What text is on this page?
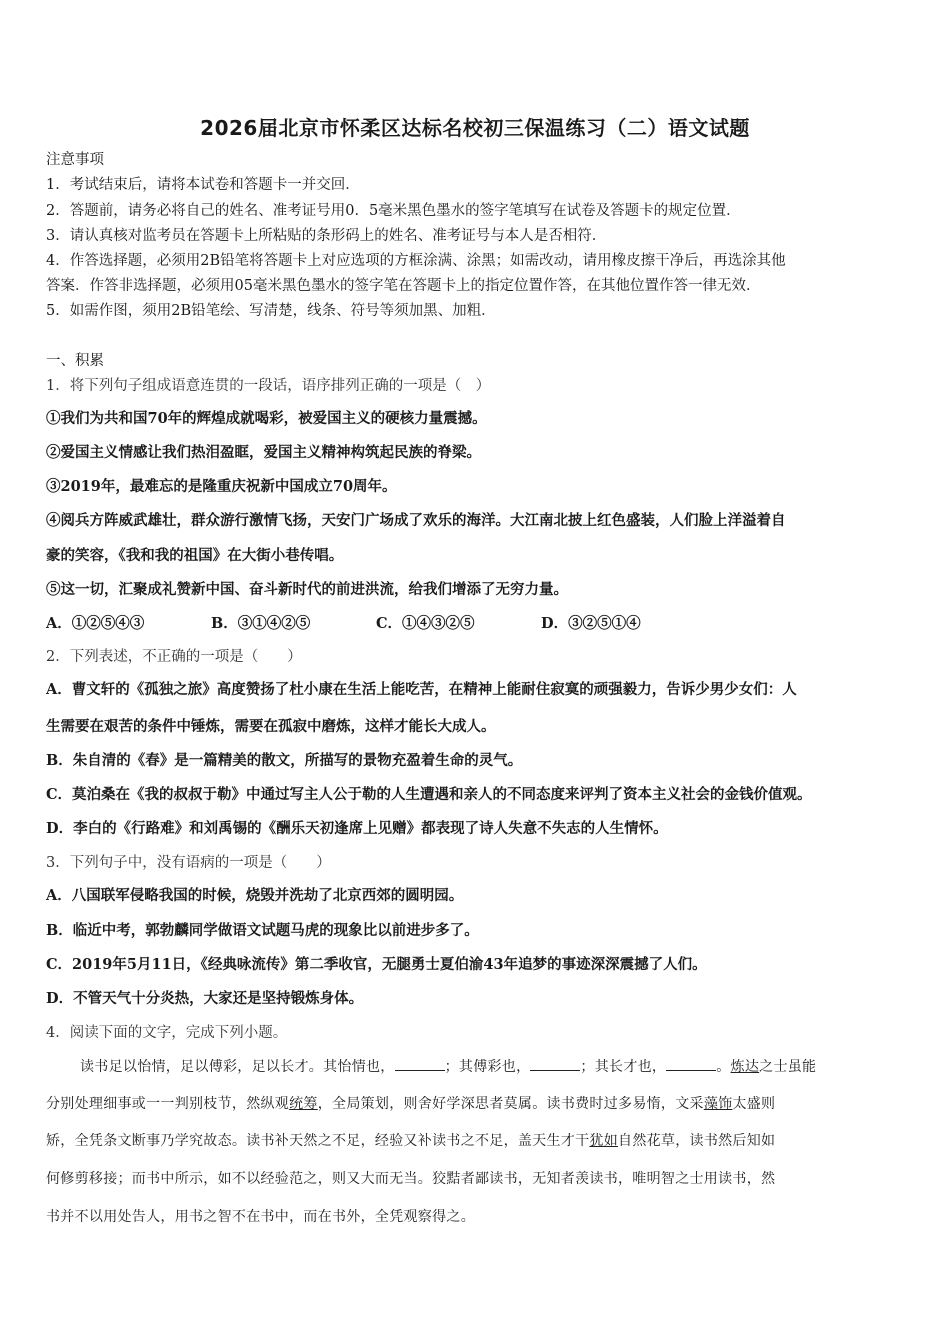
2026届北京市怀柔区达标名校初三保温练习（二）语文试题
注意事项
1．考试结束后，请将本试卷和答题卡一并交回．
2．答题前，请务必将自己的姓名、准考证号用0．5毫米黑色墨水的签字笔填写在试卷及答题卡的规定位置．
3．请认真核对监考员在答题卡上所粘贴的条形码上的姓名、准考证号与本人是否相符．
4．作答选择题，必须用2B铅笔将答题卡上对应选项的方框涂满、涂黑；如需改动，请用橡皮擦干净后，再选涂其他
答案．作答非选择题，必须用05毫米黑色墨水的签字笔在答题卡上的指定位置作答，在其他位置作答一律无效．
5．如需作图，须用2B铅笔绘、写清楚，线条、符号等须加黑、加粗．
一、积累
1．将下列句子组成语意连贯的一段话，语序排列正确的一项是（　）
①我们为共和国70年的辉煌成就喝彩，被爱国主义的硬核力量震撼。
②爱国主义情感让我们热泪盈眶，爱国主义精神构筑起民族的脊梁。
③2019年，最难忘的是隆重庆祝新中国成立70周年。
④阅兵方阵威武雄壮，群众游行激情飞扬，天安门广场成了欢乐的海洋。大江南北披上红色盛装，人们脸上洋溢着自
豪的笑容，《我和我的祖国》在大街小巷传唱。
⑤这一切，汇聚成礼赞新中国、奋斗新时代的前进洪流，给我们增添了无穷力量。
A．①②⑤④③	B．③①④②⑤	C．①④③②⑤	D．③②⑤①④
2．下列表述，不正确的一项是（　　）
A．曹文轩的《孤独之旅》高度赞扬了杜小康在生活上能吃苦，在精神上能耐住寂寞的顽强毅力，告诉少男少女们：人
生需要在艰苦的条件中锤炼，需要在孤寂中磨炼，这样才能长大成人。
B．朱自清的《春》是一篇精美的散文，所描写的景物充盈着生命的灵气。
C．莫泊桑在《我的叔叔于勒》中通过写主人公于勒的人生遭遇和亲人的不同态度来评判了资本主义社会的金钱价值观。
D．李白的《行路难》和刘禹锡的《酬乐天初逢席上见赠》都表现了诗人失意不失志的人生情怀。
3．下列句子中，没有语病的一项是（　　）
A．八国联军侵略我国的时候，烧毁并洗劫了北京西郊的圆明园。
B．临近中考，郭勃麟同学做语文试题马虎的现象比以前进步多了。
C．2019年5月11日，《经典咏流传》第二季收官，无腿勇士夏伯渝43年追梦的事迹深深震撼了人们。
D．不管天气十分炎热，大家还是坚持锻炼身体。
4．阅读下面的文字，完成下列小题。
读书足以怡情，足以傅彩，足以长才。其怡情也，	；其傅彩也，	；其长才也，	。炼达之士虽能
分别处理细事或一一判别枝节，然纵观统筹，全局策划，则舍好学深思者莫属。读书费时过多易惰，文采藻饰太盛则
矫，全凭条文断事乃学究故态。读书补天然之不足，经验又补读书之不足，盖天生才干犹如自然花草，读书然后知如
何修剪移接；而书中所示，如不以经验范之，则又大而无当。狡黠者鄙读书，无知者羡读书，唯明智之士用读书，然
书并不以用处告人，用书之智不在书中，而在书外，全凭观察得之。
